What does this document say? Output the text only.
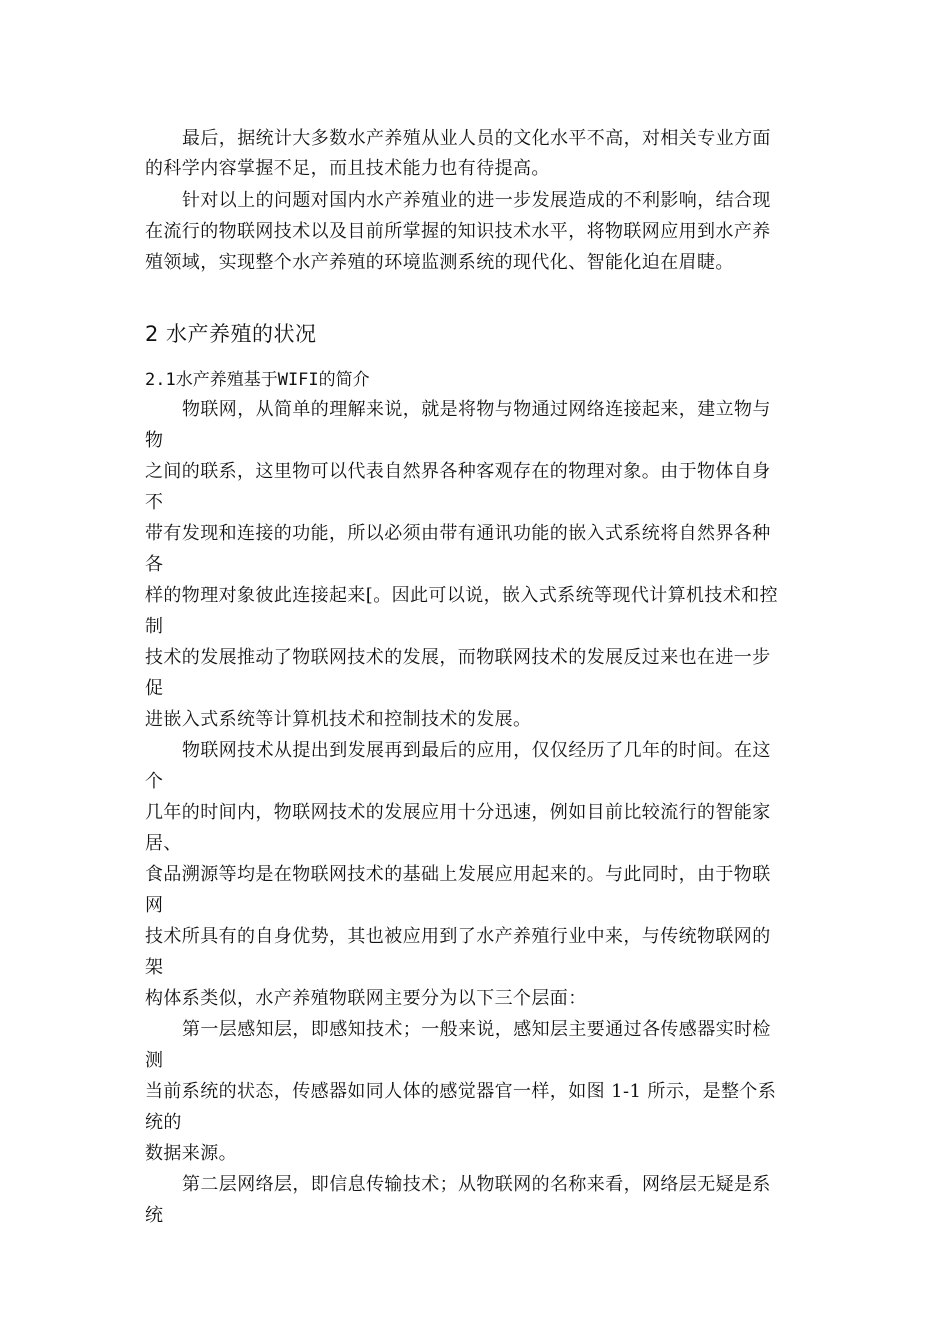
最后，据统计大多数水产养殖从业人员的文化水平不高，对相关专业方面
的科学内容掌握不足，而且技术能力也有待提高。
针对以上的问题对国内水产养殖业的进一步发展造成的不利影响，结合现
在流行的物联网技术以及目前所掌握的知识技术水平，将物联网应用到水产养
殖领域，实现整个水产养殖的环境监测系统的现代化、智能化迫在眉睫。
2 水产养殖的状况
2.1水产养殖基于WIFI的简介
物联网，从简单的理解来说，就是将物与物通过网络连接起来，建立物与
物
之间的联系，这里物可以代表自然界各种客观存在的物理对象。由于物体自身
不
带有发现和连接的功能，所以必须由带有通讯功能的嵌入式系统将自然界各种
各
样的物理对象彼此连接起来[。因此可以说，嵌入式系统等现代计算机技术和控
制
技术的发展推动了物联网技术的发展，而物联网技术的发展反过来也在进一步
促
进嵌入式系统等计算机技术和控制技术的发展。
物联网技术从提出到发展再到最后的应用，仅仅经历了几年的时间。在这
个
几年的时间内，物联网技术的发展应用十分迅速，例如目前比较流行的智能家
居、
食品溯源等均是在物联网技术的基础上发展应用起来的。与此同时，由于物联
网
技术所具有的自身优势，其也被应用到了水产养殖行业中来，与传统物联网的
架
构体系类似，水产养殖物联网主要分为以下三个层面：
第一层感知层，即感知技术；一般来说，感知层主要通过各传感器实时检
测
当前系统的状态，传感器如同人体的感觉器官一样，如图 1-1 所示，是整个系
统的
数据来源。
第二层网络层，即信息传输技术；从物联网的名称来看，网络层无疑是系
统
